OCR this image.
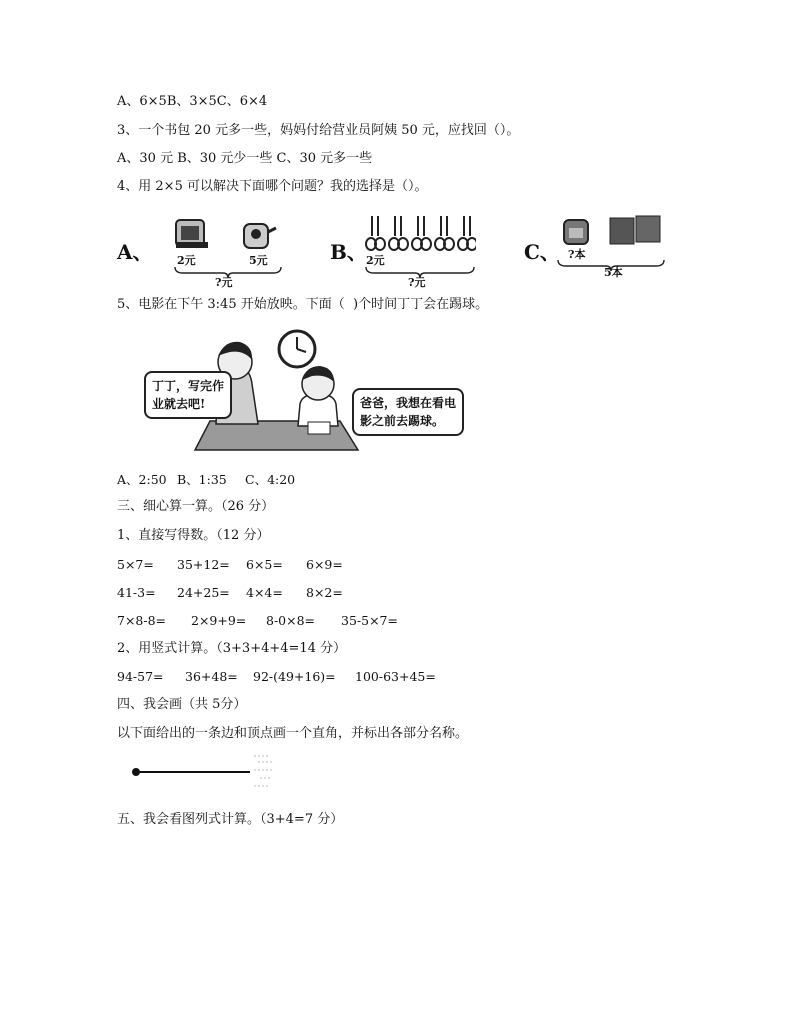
A、6×5B、3×5C、6×4
3、一个书包 20 元多一些，妈妈付给营业员阿姨 50 元，应找回（）。
A、30 元 B、30 元少一些 C、30 元多一些
4、用 2×5 可以解决下面哪个问题？我的选择是（）。
A、 2元	5元
?元
B、 2元
?元
C、 ?本
5本
5、电影在下午 3:45 开始放映。下面（  )个时间丁丁会在踢球。
丁丁，写完作
业就去吧!	爸爸，我想在看电
影之前去踢球。
A、2:50 B、1:35 C、4:20
三、细心算一算。（26 分）
1、直接写得数。（12 分）
5×7= 35+12= 6×5= 6×9=
41-3= 24+25= 4×4= 8×2=
7×8-8= 2×9+9= 8-0×8= 35-5×7=
2、用竖式计算。（3+3+4+4=14 分）
94-57= 36+48= 92-(49+16)= 100-63+45=
四、我会画（共 5分）
以下面给出的一条边和顶点画一个直角，并标出各部分名称。
五、我会看图列式计算。（3+4=7 分）
